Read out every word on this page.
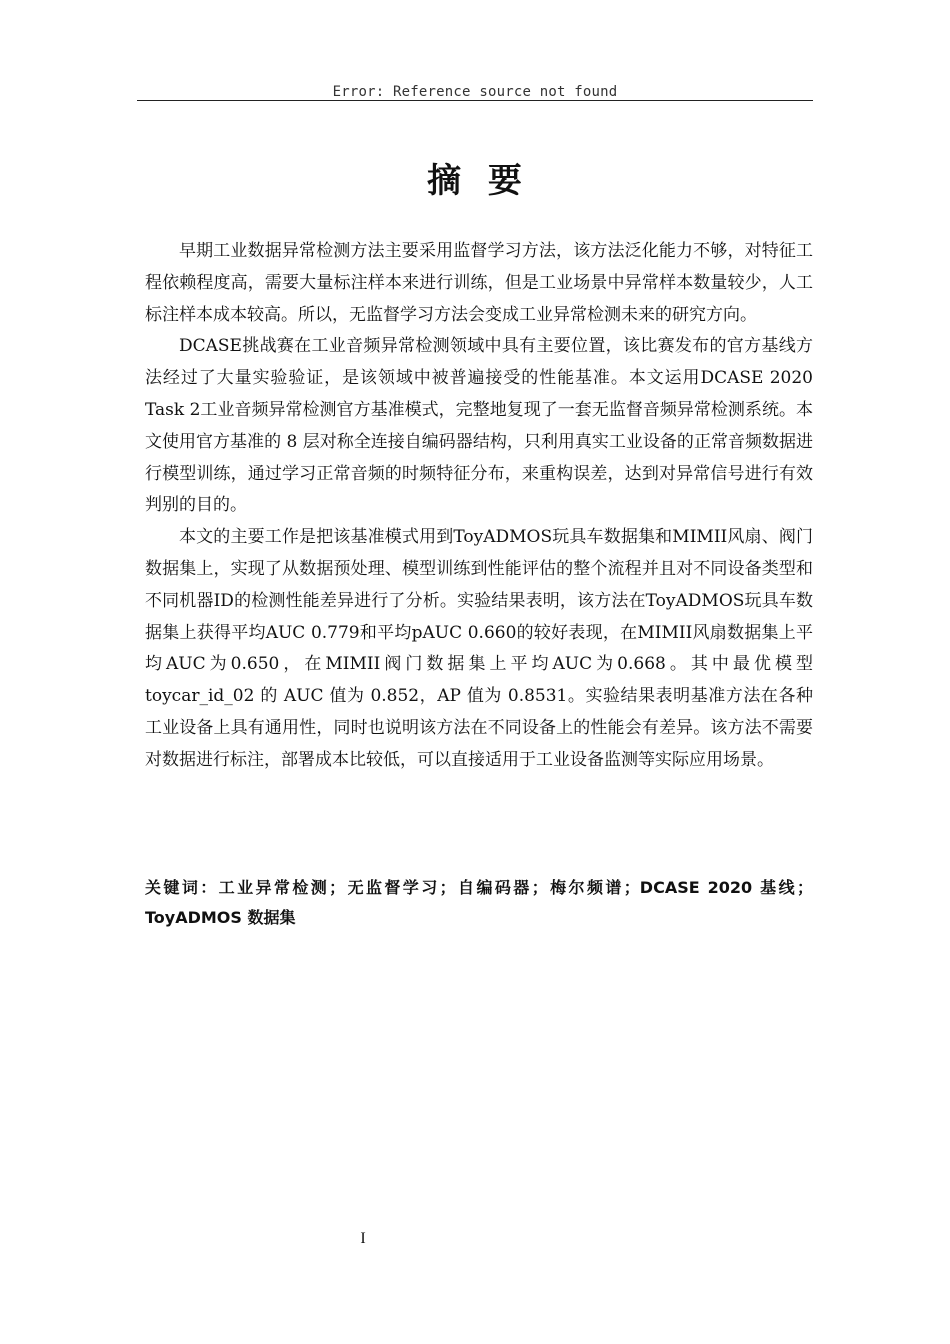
Error: Reference source not found
摘  要

早期工业数据异常检测方法主要采用监督学习方法，该方法泛化能力不够，对特征工程依赖程度高，需要大量标注样本来进行训练，但是工业场景中异常样本数量较少，人工标注样本成本较高。所以，无监督学习方法会变成工业异常检测未来的研究方向。

DCASE挑战赛在工业音频异常检测领域中具有主要位置，该比赛发布的官方基线方法经过了大量实验验证，是该领域中被普遍接受的性能基准。本文运用DCASE 2020 Task 2工业音频异常检测官方基准模式，完整地复现了一套无监督音频异常检测系统。本文使用官方基准的 8 层对称全连接自编码器结构，只利用真实工业设备的正常音频数据进行模型训练，通过学习正常音频的时频特征分布，来重构误差，达到对异常信号进行有效判别的目的。

本文的主要工作是把该基准模式用到ToyADMOS玩具车数据集和MIMII风扇、阀门数据集上，实现了从数据预处理、模型训练到性能评估的整个流程并且对不同设备类型和不同机器ID的检测性能差异进行了分析。实验结果表明，该方法在ToyADMOS玩具车数据集上获得平均AUC 0.779和平均pAUC 0.660的较好表现，在MIMII风扇数据集上平均AUC为0.650，在MIMII阀门数据集上平均AUC为0.668。其中最优模型 toycar_id_02 的 AUC 值为 0.852，AP 值为 0.8531。实验结果表明基准方法在各种工业设备上具有通用性，同时也说明该方法在不同设备上的性能会有差异。该方法不需要对数据进行标注，部署成本比较低，可以直接适用于工业设备监测等实际应用场景。

关键词：工业异常检测；无监督学习；自编码器；梅尔频谱；DCASE 2020 基线；ToyADMOS 数据集
I
